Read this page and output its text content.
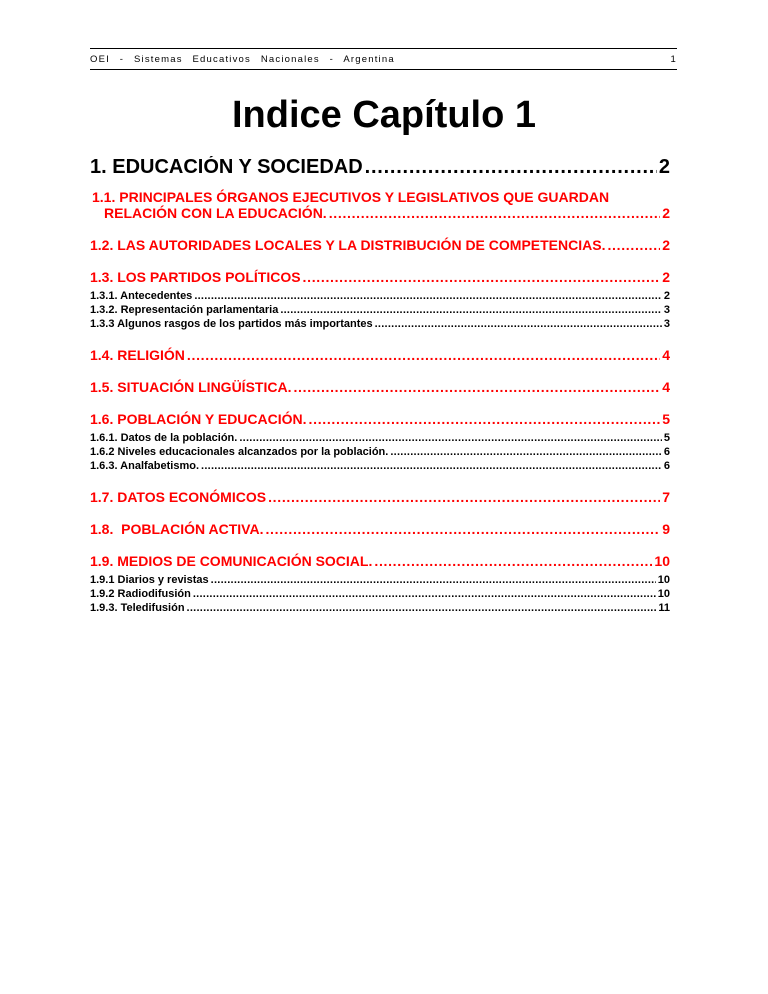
OEI - Sistemas Educativos Nacionales - Argentina	1
Indice Capítulo 1
1. EDUCACIÓN Y SOCIEDAD . . .	2
1.1. PRINCIPALES ÓRGANOS EJECUTIVOS Y LEGISLATIVOS QUE GUARDAN
RELACIÓN CON LA EDUCACIÓN. . . .	2
1.2. LAS AUTORIDADES LOCALES Y LA DISTRIBUCIÓN DE COMPETENCIAS. . . .	2
1.3. LOS PARTIDOS POLÍTICOS . . .	2
1.3.1. Antecedentes . . .	2
1.3.2. Representación parlamentaria . . .	3
1.3.3 Algunos rasgos de los partidos más importantes . . .	3
1.4. RELIGIÓN . . .	4
1.5. SITUACIÓN LINGÜÍSTICA. . . .	4
1.6. POBLACIÓN Y EDUCACIÓN. . . .	5
1.6.1. Datos de la población. . . .	5
1.6.2 Niveles educacionales alcanzados por la población. . . .	6
1.6.3. Analfabetismo. . . .	6
1.7. DATOS ECONÓMICOS . . .	7
1.8.  POBLACIÓN ACTIVA. . . .	9
1.9. MEDIOS DE COMUNICACIÓN SOCIAL. . . .	10
1.9.1 Diarios y revistas . . .	10
1.9.2 Radiodifusión . . .	10
1.9.3. Teledifusión . . .	11
